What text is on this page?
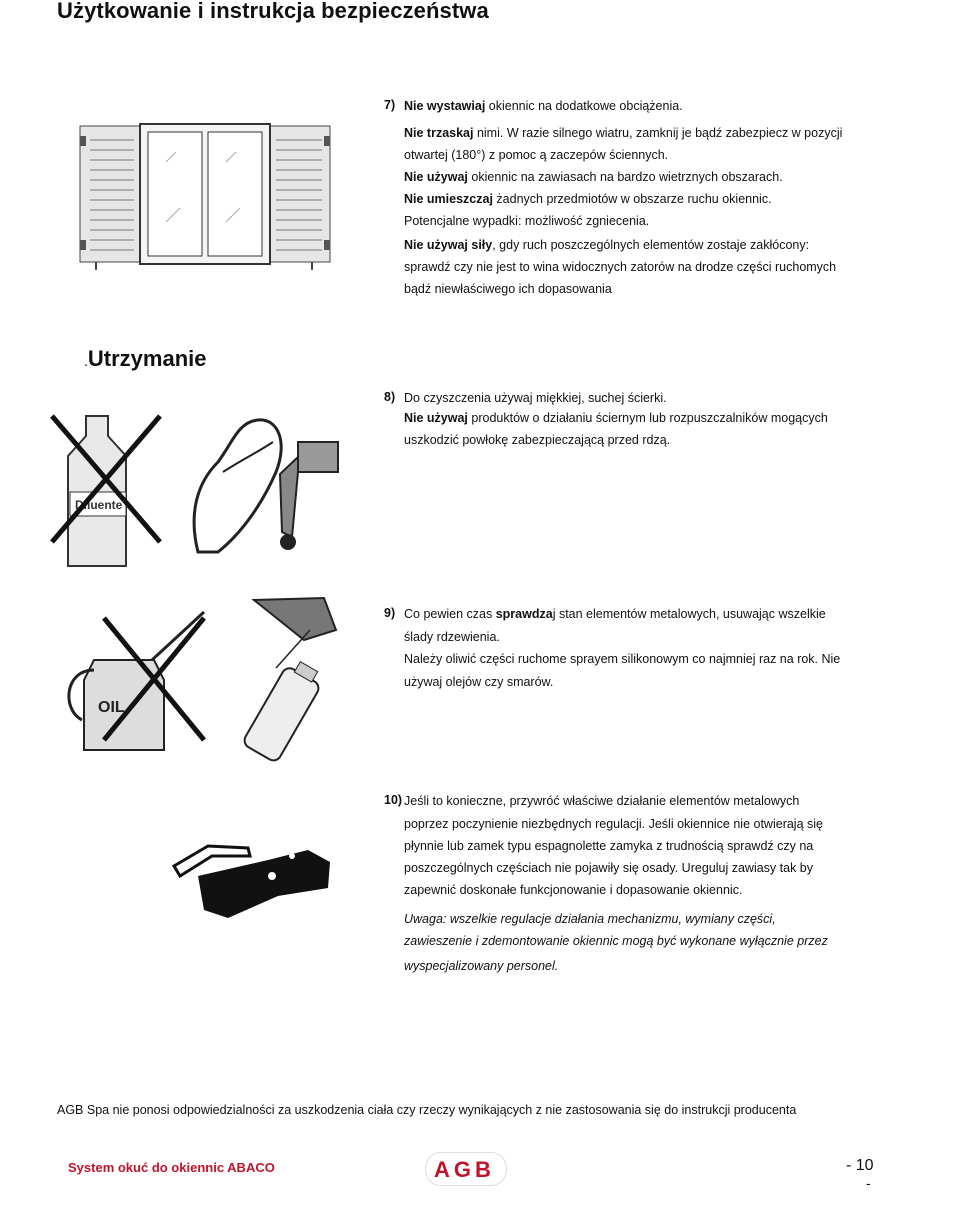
Użytkowanie i instrukcja bezpieczeństwa
7) Nie wystawiaj okiennic na dodatkowe obciążenia.
Nie trzaskaj nimi. W razie silnego wiatru, zamknij je bądź zabezpiecz w pozycji
otwartej (180°) z pomoc ą zaczepów ściennych.
Nie używaj okiennic na zawiasach na bardzo wietrznych obszarach.
Nie umieszczaj żadnych przedmiotów w obszarze ruchu okiennic.
Potencjalne wypadki: możliwość zgniecenia.
Nie używaj siły, gdy ruch poszczególnych elementów zostaje zakłócony:
sprawdź czy nie jest to wina widocznych zatorów na drodze części ruchomych
bądź niewłaściwego ich dopasowania
.Utrzymanie
Diluente
8) Do czyszczenia używaj miękkiej, suchej ścierki.
Nie używaj produktów o działaniu ściernym lub rozpuszczalników mogących
uszkodzić powłokę zabezpieczającą przed rdzą.
OIL
9) Co pewien czas sprawdzaj stan elementów metalowych, usuwając wszelkie
ślady rdzewienia.
Należy oliwić części ruchome sprayem silikonowym co najmniej raz na rok. Nie
używaj olejów czy smarów.
10) Jeśli to konieczne, przywróć właściwe działanie elementów metalowych
poprzez poczynienie niezbędnych regulacji. Jeśli okiennice nie otwierają się
płynnie lub zamek typu espagnolette zamyka z trudnością sprawdź czy na
poszczególnych częściach nie pojawiły się osady. Ureguluj zawiasy tak by
zapewnić doskonałe funkcjonowanie i dopasowanie okiennic.
Uwaga: wszelkie regulacje działania mechanizmu, wymiany części,
zawieszenie i zdemontowanie okiennic mogą być wykonane wyłącznie przez
wyspecjalizowany personel.
AGB Spa nie ponosi odpowiedzialności za uszkodzenia ciała czy rzeczy wynikających z nie zastosowania się do instrukcji producenta
System okuć do okiennic ABACO	AGB	- 10
-
